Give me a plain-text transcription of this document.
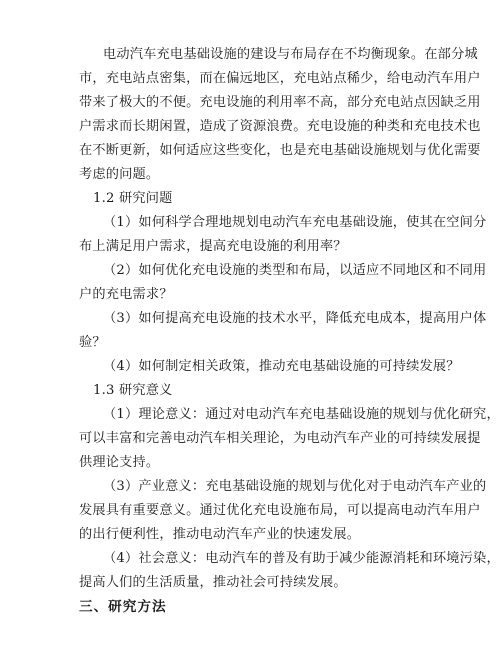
电动汽车充电基础设施的建设与布局存在不均衡现象。在部分城
市，充电站点密集，而在偏远地区，充电站点稀少，给电动汽车用户
带来了极大的不便。充电设施的利用率不高，部分充电站点因缺乏用
户需求而长期闲置，造成了资源浪费。充电设施的种类和充电技术也
在不断更新，如何适应这些变化，也是充电基础设施规划与优化需要
考虑的问题。
1.2 研究问题
（1）如何科学合理地规划电动汽车充电基础设施，使其在空间分
布上满足用户需求，提高充电设施的利用率？
（2）如何优化充电设施的类型和布局，以适应不同地区和不同用
户的充电需求？
（3）如何提高充电设施的技术水平，降低充电成本，提高用户体
验？
（4）如何制定相关政策，推动充电基础设施的可持续发展？
1.3 研究意义
（1）理论意义：通过对电动汽车充电基础设施的规划与优化研究，
可以丰富和完善电动汽车相关理论，为电动汽车产业的可持续发展提
供理论支持。
（3）产业意义：充电基础设施的规划与优化对于电动汽车产业的
发展具有重要意义。通过优化充电设施布局，可以提高电动汽车用户
的出行便利性，推动电动汽车产业的快速发展。
（4）社会意义：电动汽车的普及有助于减少能源消耗和环境污染，
提高人们的生活质量，推动社会可持续发展。
三、研究方法
